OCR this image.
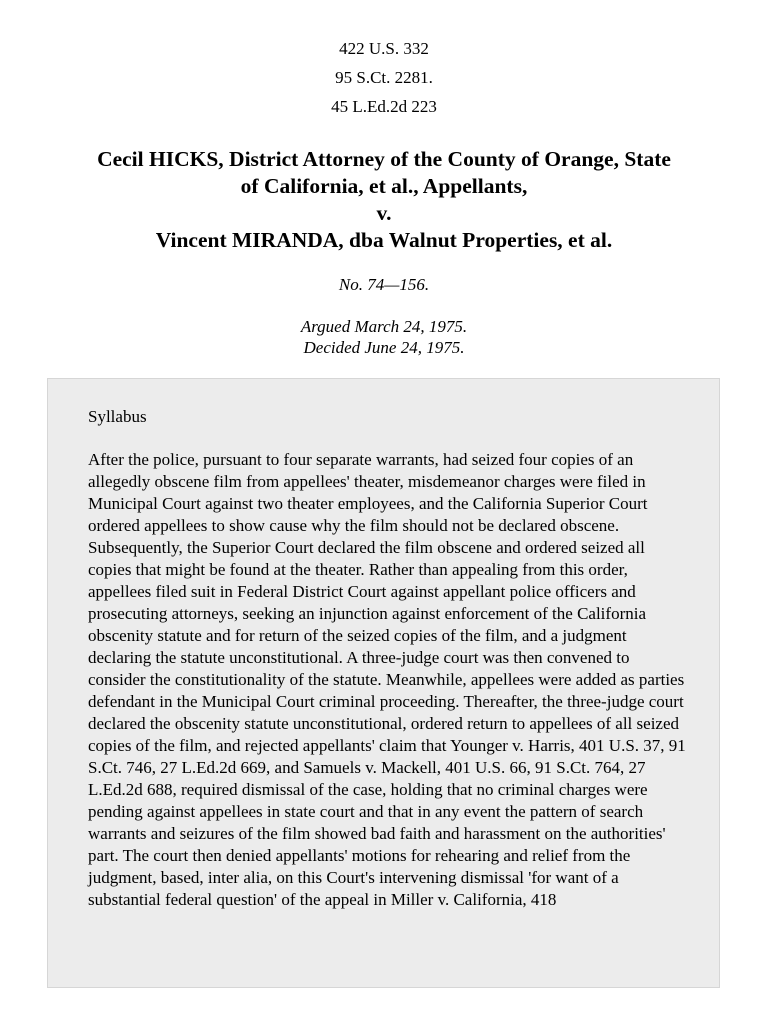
422 U.S. 332
95 S.Ct. 2281.
45 L.Ed.2d 223
Cecil HICKS, District Attorney of the County of Orange, State
of California, et al., Appellants,
v.
Vincent MIRANDA, dba Walnut Properties, et al.
No. 74—156.
Argued March 24, 1975.
Decided June 24, 1975.
Syllabus
After the police, pursuant to four separate warrants, had seized four copies of an allegedly obscene film from appellees' theater, misdemeanor charges were filed in Municipal Court against two theater employees, and the California Superior Court ordered appellees to show cause why the film should not be declared obscene. Subsequently, the Superior Court declared the film obscene and ordered seized all copies that might be found at the theater. Rather than appealing from this order, appellees filed suit in Federal District Court against appellant police officers and prosecuting attorneys, seeking an injunction against enforcement of the California obscenity statute and for return of the seized copies of the film, and a judgment declaring the statute unconstitutional. A three-judge court was then convened to consider the constitutionality of the statute. Meanwhile, appellees were added as parties defendant in the Municipal Court criminal proceeding. Thereafter, the three-judge court declared the obscenity statute unconstitutional, ordered return to appellees of all seized copies of the film, and rejected appellants' claim that Younger v. Harris, 401 U.S. 37, 91 S.Ct. 746, 27 L.Ed.2d 669, and Samuels v. Mackell, 401 U.S. 66, 91 S.Ct. 764, 27 L.Ed.2d 688, required dismissal of the case, holding that no criminal charges were pending against appellees in state court and that in any event the pattern of search warrants and seizures of the film showed bad faith and harassment on the authorities' part. The court then denied appellants' motions for rehearing and relief from the judgment, based, inter alia, on this Court's intervening dismissal 'for want of a substantial federal question' of the appeal in Miller v. California, 418
